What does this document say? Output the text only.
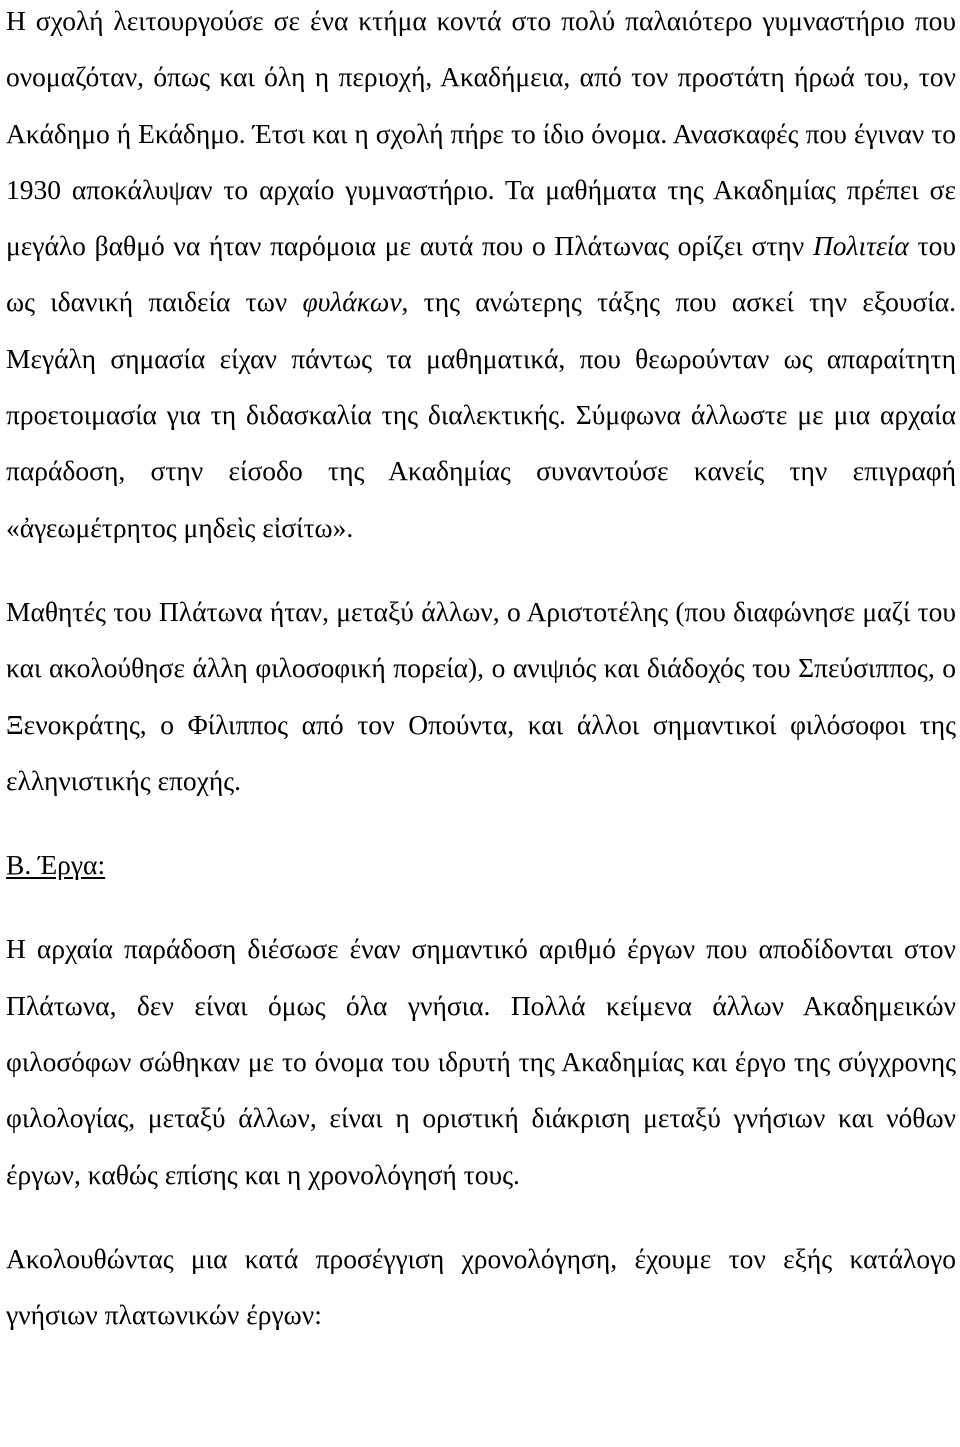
Η σχολή λειτουργούσε σε ένα κτήμα κοντά στο πολύ παλαιότερο γυμναστήριο που ονομαζόταν, όπως και όλη η περιοχή, Ακαδήμεια, από τον προστάτη ήρωά του, τον Ακάδημο ή Εκάδημο. Έτσι και η σχολή πήρε το ίδιο όνομα. Ανασκαφές που έγιναν το 1930 αποκάλυψαν το αρχαίο γυμναστήριο. Τα μαθήματα της Ακαδημίας πρέπει σε μεγάλο βαθμό να ήταν παρόμοια με αυτά που ο Πλάτωνας ορίζει στην Πολιτεία του ως ιδανική παιδεία των φυλάκων, της ανώτερης τάξης που ασκεί την εξουσία. Μεγάλη σημασία είχαν πάντως τα μαθηματικά, που θεωρούνταν ως απαραίτητη προετοιμασία για τη διδασκαλία της διαλεκτικής. Σύμφωνα άλλωστε με μια αρχαία παράδοση, στην είσοδο της Ακαδημίας συναντούσε κανείς την επιγραφή «ἀγεωμέτρητος μηδεὶς εἰσίτω».

Μαθητές του Πλάτωνα ήταν, μεταξύ άλλων, ο Αριστοτέλης (που διαφώνησε μαζί του και ακολούθησε άλλη φιλοσοφική πορεία), ο ανιψιός και διάδοχός του Σπεύσιππος, ο Ξενοκράτης, ο Φίλιππος από τον Οπούντα, και άλλοι σημαντικοί φιλόσοφοι της ελληνιστικής εποχής.

Β. Έργα:

Η αρχαία παράδοση διέσωσε έναν σημαντικό αριθμό έργων που αποδίδονται στον Πλάτωνα, δεν είναι όμως όλα γνήσια. Πολλά κείμενα άλλων Ακαδημεικών φιλοσόφων σώθηκαν με το όνομα του ιδρυτή της Ακαδημίας και έργο της σύγχρονης φιλολογίας, μεταξύ άλλων, είναι η οριστική διάκριση μεταξύ γνήσιων και νόθων έργων, καθώς επίσης και η χρονολόγησή τους.

Ακολουθώντας μια κατά προσέγγιση χρονολόγηση, έχουμε τον εξής κατάλογο γνήσιων πλατωνικών έργων:
